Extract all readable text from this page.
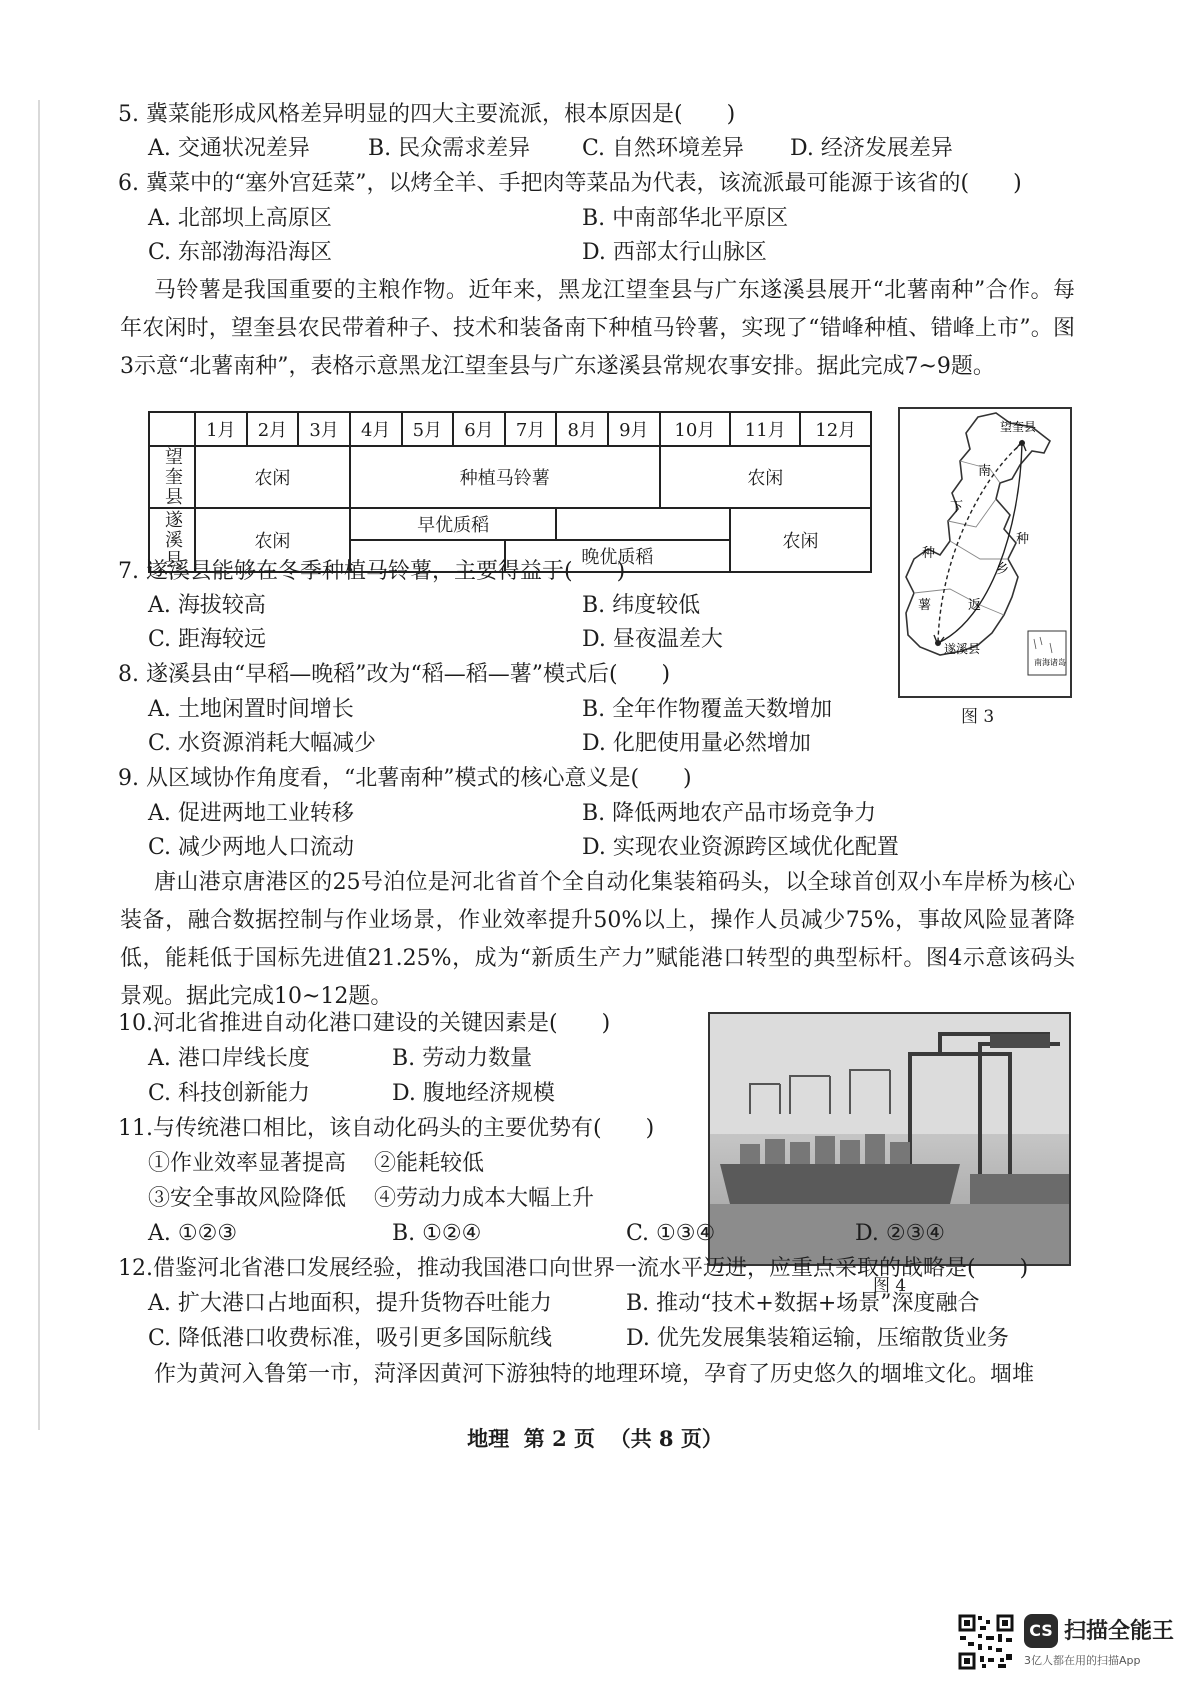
5. 冀菜能形成风格差异明显的四大主要流派，根本原因是(　　)
A. 交通状况差异	B. 民众需求差异 C. 自然环境差异 D. 经济发展差异
6. 冀菜中的“塞外宫廷菜”，以烤全羊、手把肉等菜品为代表，该流派最可能源于该省的(　　)
A. 北部坝上高原区	B. 中南部华北平原区
C. 东部渤海沿海区	D. 西部太行山脉区
马铃薯是我国重要的主粮作物。近年来，黑龙江望奎县与广东遂溪县展开“北薯南种”合作。每年农闲时，望奎县农民带着种子、技术和装备南下种植马铃薯，实现了“错峰种植、错峰上市”。图3示意“北薯南种”，表格示意黑龙江望奎县与广东遂溪县常规农事安排。据此完成7~9题。
	1月	2月	3月	4月	5月	6月	7月	8月	9月	10月	11月	12月
望奎县	农闲			种植马铃薯						农闲		
遂溪县	农闲			早优质稻							农闲	
							晚优质稻					
望奎县
遂溪县
南
下
种
种
薯	返
乡
南海诸岛
图 3
7. 遂溪县能够在冬季种植马铃薯，主要得益于(　　)
A. 海拔较高	B. 纬度较低
C. 距海较远	D. 昼夜温差大
8. 遂溪县由“早稻—晚稻”改为“稻—稻—薯”模式后(　　)
A. 土地闲置时间增长	B. 全年作物覆盖天数增加
C. 水资源消耗大幅减少	D. 化肥使用量必然增加
9. 从区域协作角度看，“北薯南种”模式的核心意义是(　　)
A. 促进两地工业转移	B. 降低两地农产品市场竞争力
C. 减少两地人口流动	D. 实现农业资源跨区域优化配置
唐山港京唐港区的25号泊位是河北省首个全自动化集装箱码头，以全球首创双小车岸桥为核心装备，融合数据控制与作业场景，作业效率提升50%以上，操作人员减少75%，事故风险显著降低，能耗低于国标先进值21.25%，成为“新质生产力”赋能港口转型的典型标杆。图4示意该码头景观。据此完成10~12题。
图 4
10.河北省推进自动化港口建设的关键因素是(　　)
A. 港口岸线长度	B. 劳动力数量
C. 科技创新能力	D. 腹地经济规模
11.与传统港口相比，该自动化码头的主要优势有(　　)
①作业效率显著提高 ②能耗较低
③安全事故风险降低 ④劳动力成本大幅上升
A. ①②③	B. ①②④	C. ①③④	D. ②③④
12.借鉴河北省港口发展经验，推动我国港口向世界一流水平迈进，应重点采取的战略是(　　)
A. 扩大港口占地面积，提升货物吞吐能力	B. 推动“技术+数据+场景”深度融合
C. 降低港口收费标准，吸引更多国际航线	D. 优先发展集装箱运输，压缩散货业务
作为黄河入鲁第一市，菏泽因黄河下游独特的地理环境，孕育了历史悠久的堌堆文化。堌堆
地理  第 2 页  （共 8 页）
CS 扫描全能王
3亿人都在用的扫描App
